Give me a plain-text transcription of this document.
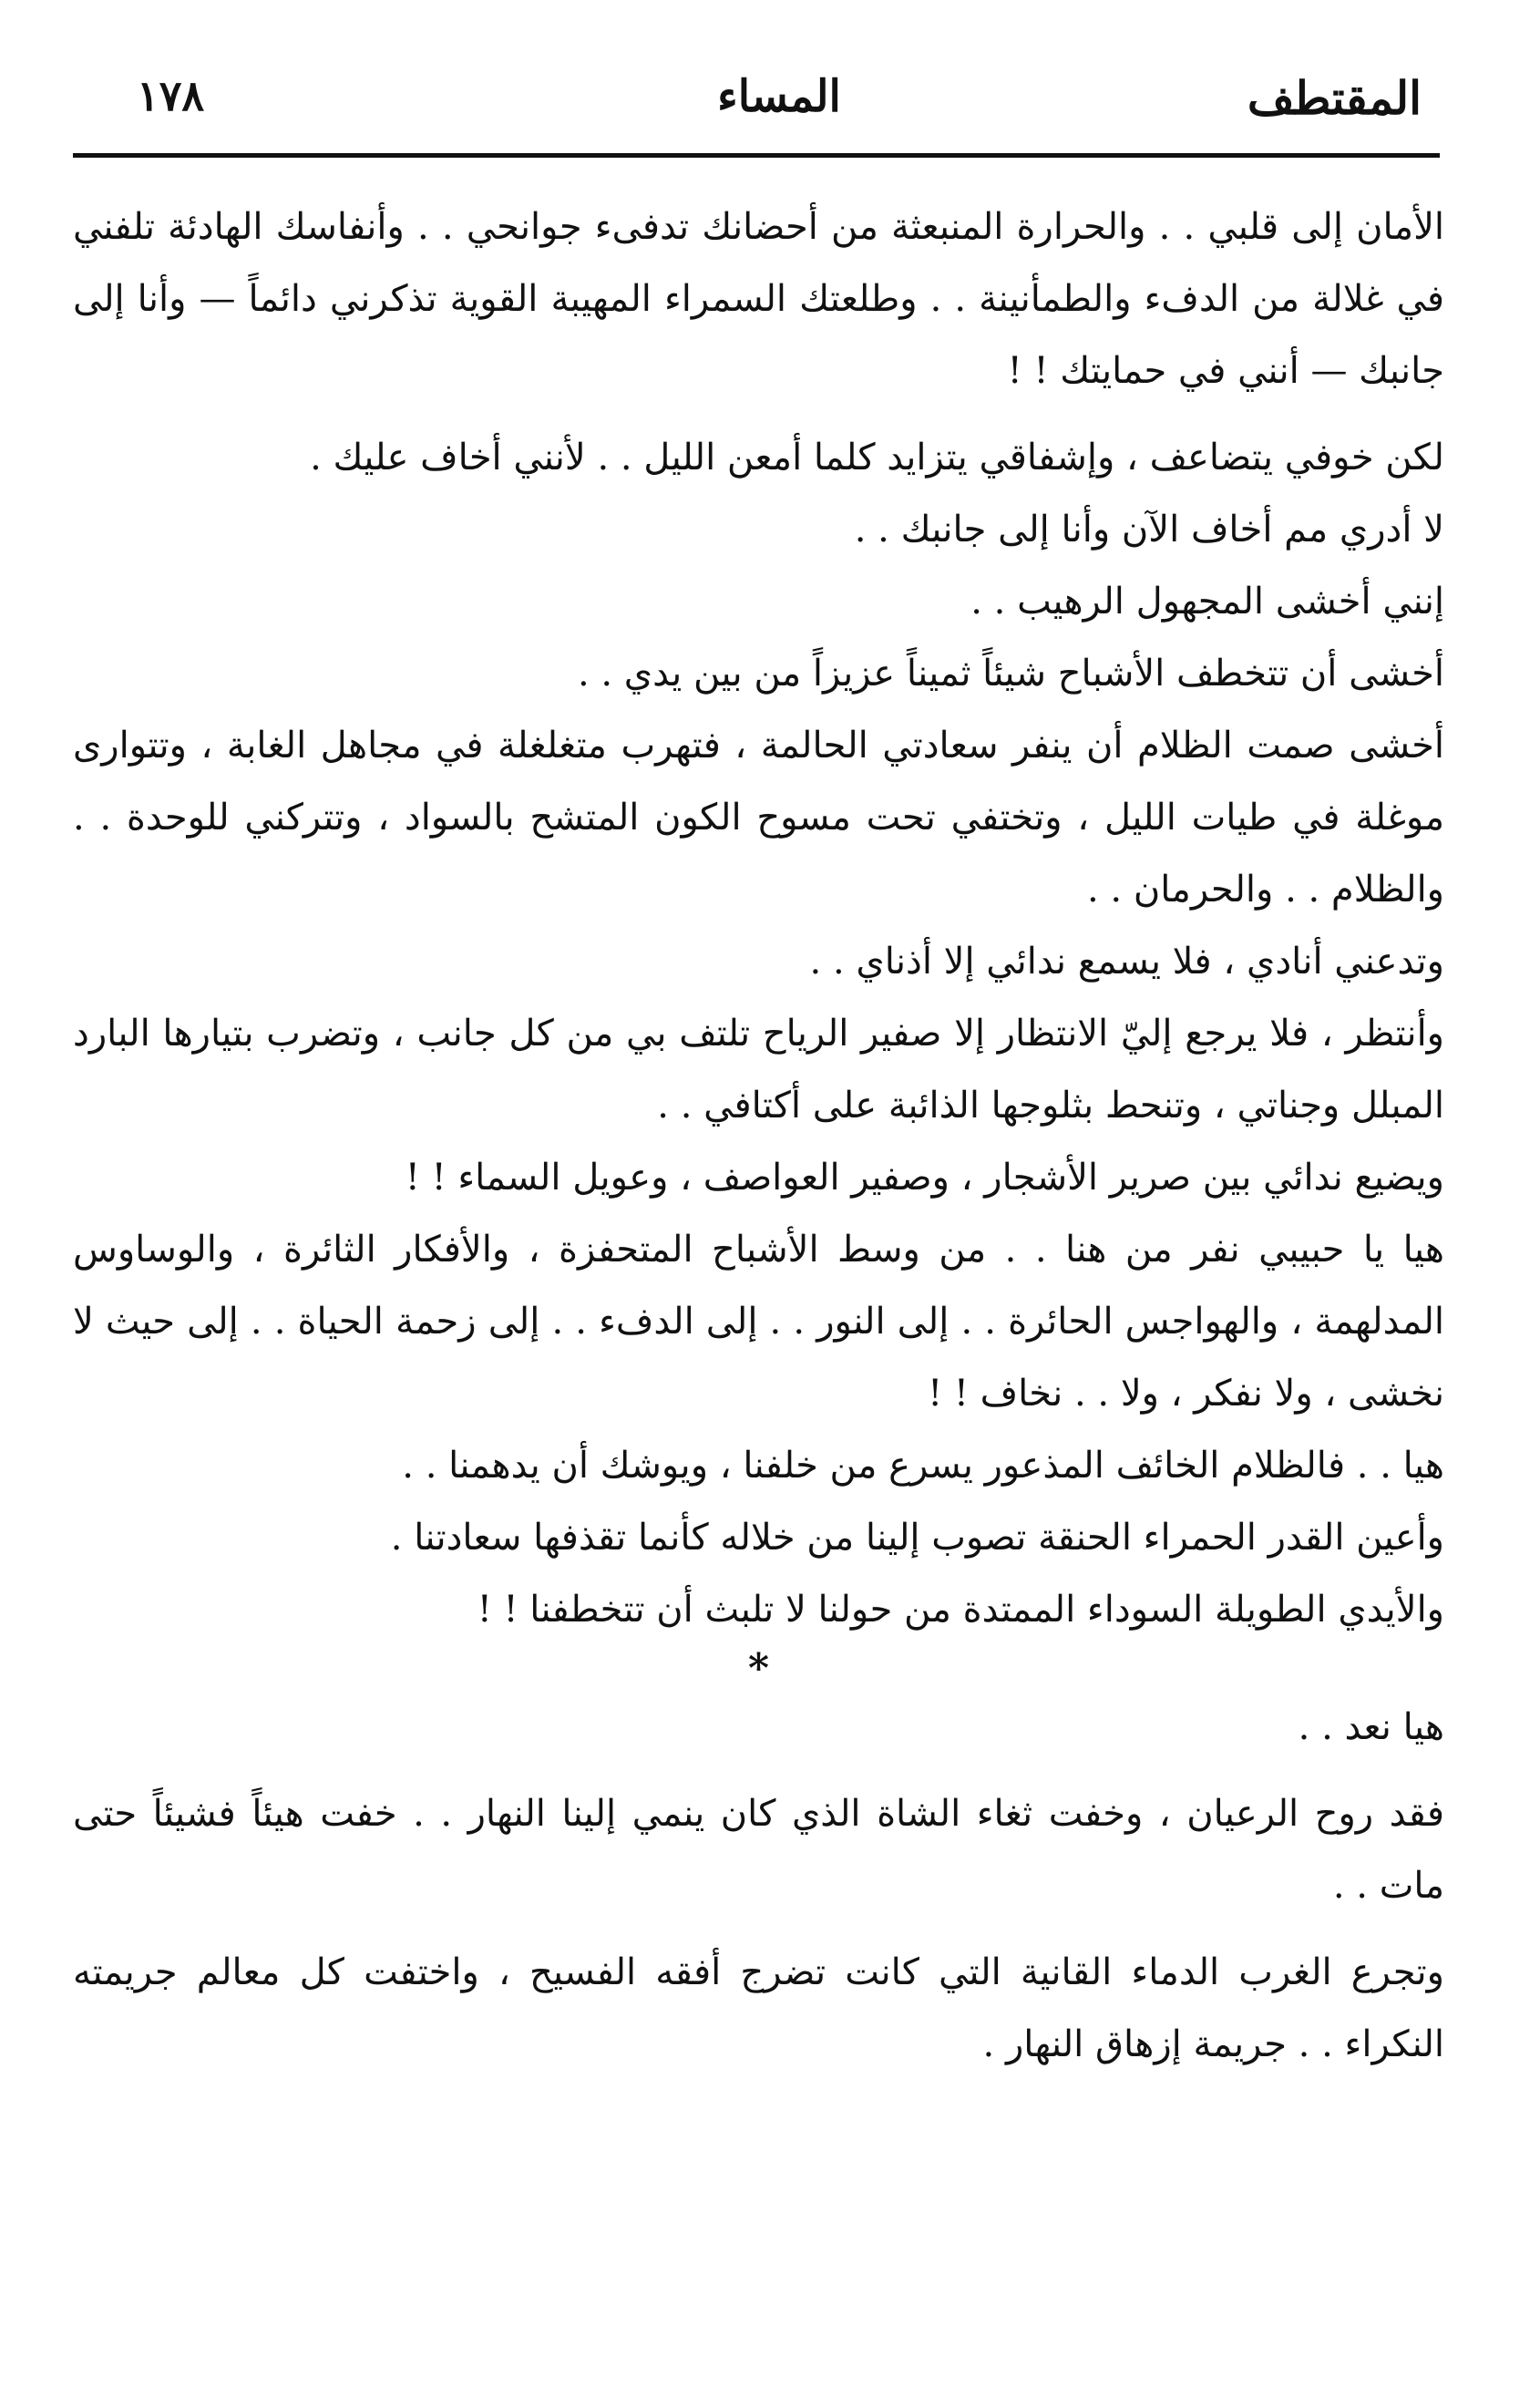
١٧٨	المساء	المقتطف

الأمان إلى قلبي . . والحرارة المنبعثة من أحضانك تدفىء جوانحي . . وأنفاسك الهادئة تلفني في غلالة من الدفء والطمأنينة . . وطلعتك السمراء المهيبة القوية تذكرني دائماً — وأنا إلى جانبك — أنني في حمايتك ! !

لكن خوفي يتضاعف ، وإشفاقي يتزايد كلما أمعن الليل . . لأنني أخاف عليك .

لا أدري مم أخاف الآن وأنا إلى جانبك . .

إنني أخشى المجهول الرهيب . .

أخشى أن تتخطف الأشباح شيئاً ثميناً عزيزاً من بين يدي . .

أخشى صمت الظلام أن ينفر سعادتي الحالمة ، فتهرب متغلغلة في مجاهل الغابة ، وتتوارى موغلة في طيات الليل ، وتختفي تحت مسوح الكون المتشح بالسواد ، وتتركني للوحدة . . والظلام . . والحرمان . .

وتدعني أنادي ، فلا يسمع ندائي إلا أذناي . .

وأنتظر ، فلا يرجع إليّ الانتظار إلا صفير الرياح تلتف بي من كل جانب ، وتضرب بتيارها البارد المبلل وجناتي ، وتنحط بثلوجها الذائبة على أكتافي . .

ويضيع ندائي بين صرير الأشجار ، وصفير العواصف ، وعويل السماء ! !

هيا يا حبيبي نفر من هنا . . من وسط الأشباح المتحفزة ، والأفكار الثائرة ، والوساوس المدلهمة ، والهواجس الحائرة . . إلى النور . . إلى الدفء . . إلى زحمة الحياة . . إلى حيث لا نخشى ، ولا نفكر ، ولا . . نخاف ! !

هيا . . فالظلام الخائف المذعور يسرع من خلفنا ، ويوشك أن يدهمنا . .

وأعين القدر الحمراء الحنقة تصوب إلينا من خلاله كأنما تقذفها سعادتنا .

والأيدي الطويلة السوداء الممتدة من حولنا لا تلبث أن تتخطفنا ! !

*

هيا نعد . .

فقد روح الرعيان ، وخفت ثغاء الشاة الذي كان ينمي إلينا النهار . . خفت هيئاً فشيئاً حتى مات . .

وتجرع الغرب الدماء القانية التي كانت تضرج أفقه الفسيح ، واختفت كل معالم جريمته النكراء . . جريمة إزهاق النهار .
